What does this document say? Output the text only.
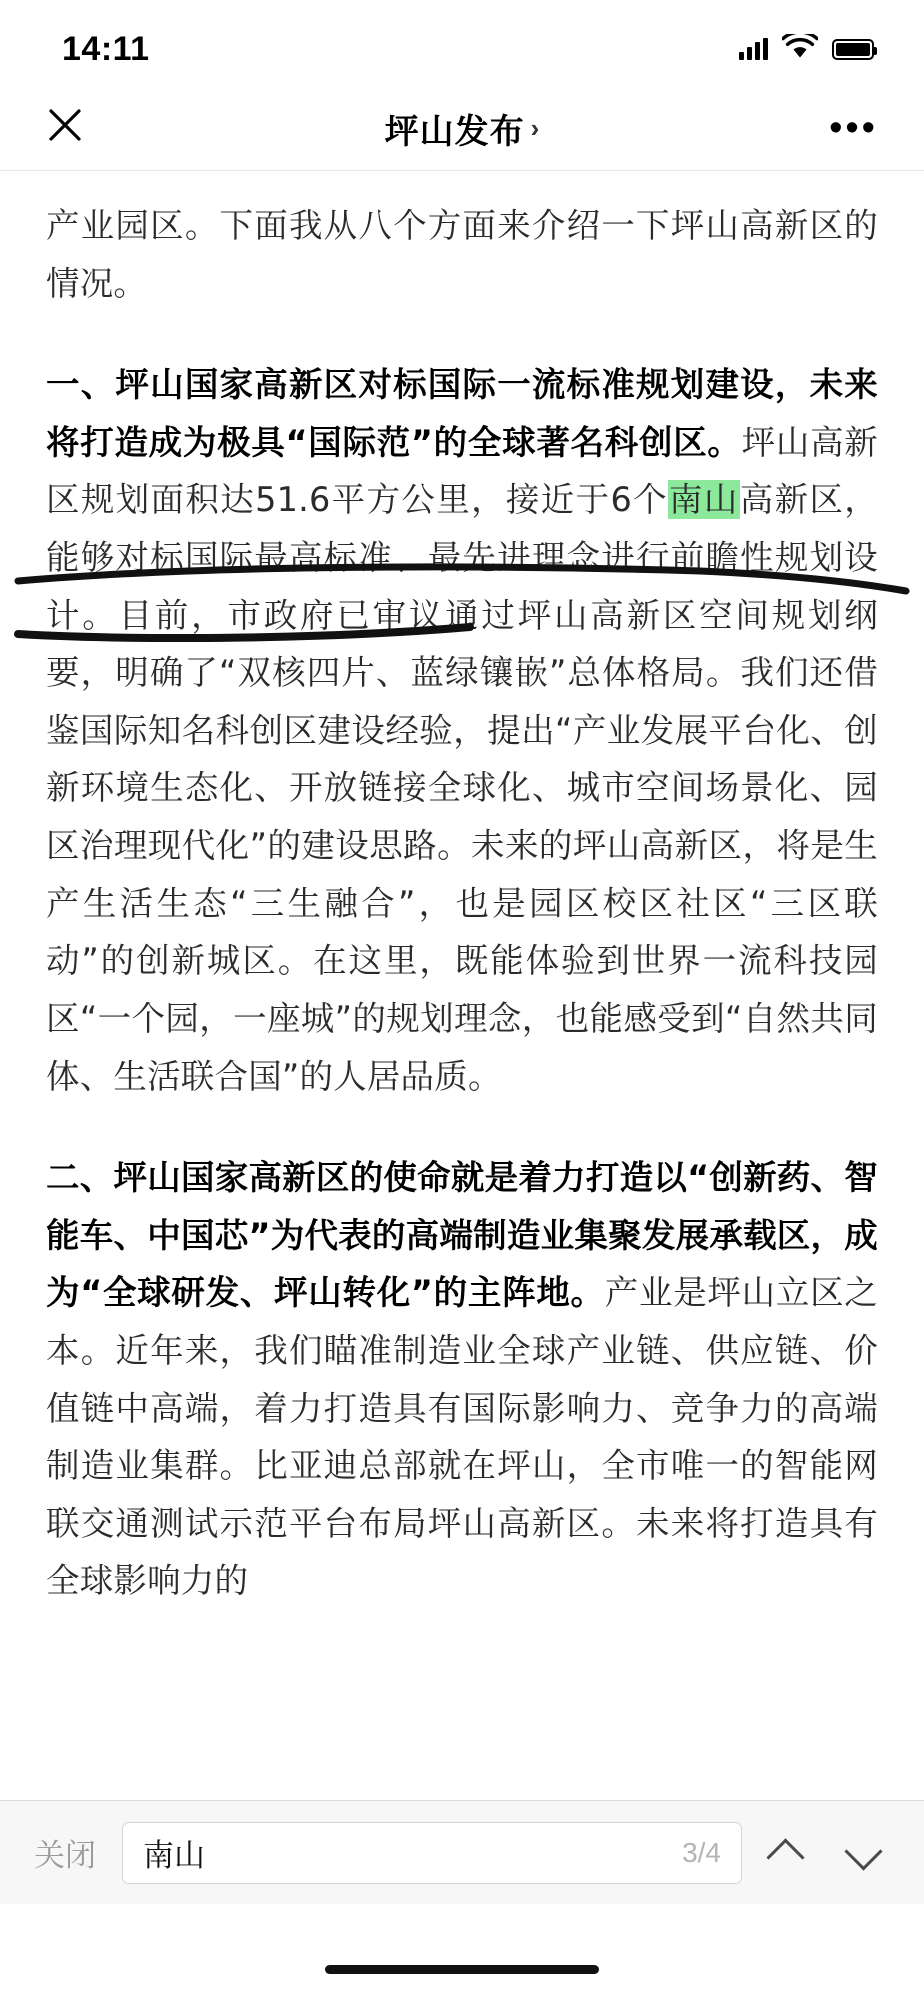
14:11
坪山发布 ›	•••

产业园区。下面我从八个方面来介绍一下坪山高新区的情况。

一、坪山国家高新区对标国际一流标准规划建设，未来将打造成为极具“国际范”的全球著名科创区。坪山高新区规划面积达51.6平方公里，接近于6个南山高新区，能够对标国际最高标准、最先进理念进行前瞻性规划设计。目前，市政府已审议通过坪山高新区空间规划纲要，明确了“双核四片、蓝绿镶嵌”总体格局。我们还借鉴国际知名科创区建设经验，提出“产业发展平台化、创新环境生态化、开放链接全球化、城市空间场景化、园区治理现代化”的建设思路。未来的坪山高新区，将是生产生活生态“三生融合”，也是园区校区社区“三区联动”的创新城区。在这里，既能体验到世界一流科技园区“一个园，一座城”的规划理念，也能感受到“自然共同体、生活联合国”的人居品质。

二、坪山国家高新区的使命就是着力打造以“创新药、智能车、中国芯”为代表的高端制造业集聚发展承载区，成为“全球研发、坪山转化”的主阵地。产业是坪山立区之本。近年来，我们瞄准制造业全球产业链、供应链、价值链中高端，着力打造具有国际影响力、竞争力的高端制造业集群。比亚迪总部就在坪山，全市唯一的智能网联交通测试示范平台布局坪山高新区。未来将打造具有全球影响力的

关闭 南山	3/4
